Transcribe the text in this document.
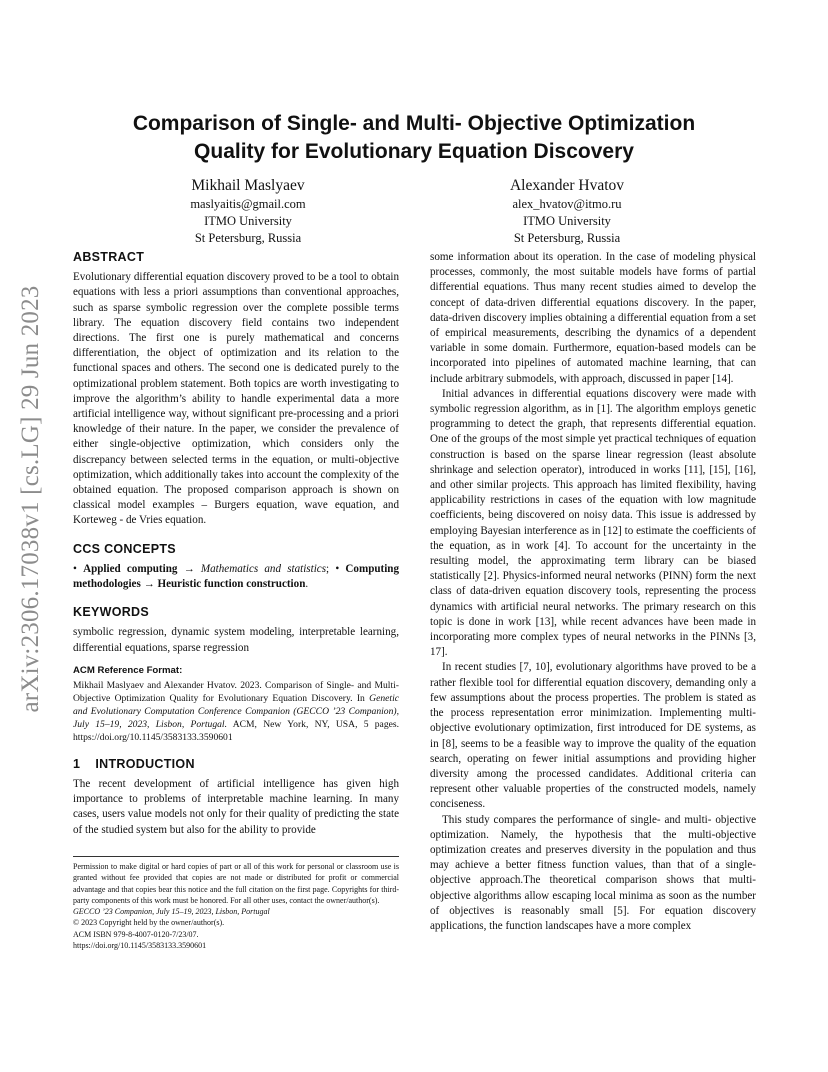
Comparison of Single- and Multi- Objective Optimization
Quality for Evolutionary Equation Discovery
Mikhail Maslyaev
maslyaitis@gmail.com
ITMO University
St Petersburg, Russia
Alexander Hvatov
alex_hvatov@itmo.ru
ITMO University
St Petersburg, Russia
arXiv:2306.17038v1 [cs.LG] 29 Jun 2023
ABSTRACT

Evolutionary differential equation discovery proved to be a tool to obtain equations with less a priori assumptions than conventional approaches, such as sparse symbolic regression over the complete possible terms library. The equation discovery field contains two independent directions. The first one is purely mathematical and concerns differentiation, the object of optimization and its relation to the functional spaces and others. The second one is dedicated purely to the optimizational problem statement. Both topics are worth investigating to improve the algorithm’s ability to handle experimental data a more artificial intelligence way, without significant pre-processing and a priori knowledge of their nature. In the paper, we consider the prevalence of either single-objective optimization, which considers only the discrepancy between selected terms in the equation, or multi-objective optimization, which additionally takes into account the complexity of the obtained equation. The proposed comparison approach is shown on classical model examples – Burgers equation, wave equation, and Korteweg - de Vries equation.

CCS CONCEPTS

• Applied computing → Mathematics and statistics; • Computing methodologies → Heuristic function construction.

KEYWORDS

symbolic regression, dynamic system modeling, interpretable learning, differential equations, sparse regression

ACM Reference Format:

Mikhail Maslyaev and Alexander Hvatov. 2023. Comparison of Single- and Multi- Objective Optimization Quality for Evolutionary Equation Discovery. In Genetic and Evolutionary Computation Conference Companion (GECCO ’23 Companion), July 15–19, 2023, Lisbon, Portugal. ACM, New York, NY, USA, 5 pages. https://doi.org/10.1145/3583133.3590601

1 INTRODUCTION

The recent development of artificial intelligence has given high importance to problems of interpretable machine learning. In many cases, users value models not only for their quality of predicting the state of the studied system but also for the ability to provide

some information about its operation. In the case of modeling physical processes, commonly, the most suitable models have forms of partial differential equations. Thus many recent studies aimed to develop the concept of data-driven differential equations discovery. In the paper, data-driven discovery implies obtaining a differential equation from a set of empirical measurements, describing the dynamics of a dependent variable in some domain. Furthermore, equation-based models can be incorporated into pipelines of automated machine learning, that can include arbitrary submodels, with approach, discussed in paper [14].

Initial advances in differential equations discovery were made with symbolic regression algorithm, as in [1]. The algorithm employs genetic programming to detect the graph, that represents differential equation. One of the groups of the most simple yet practical techniques of equation construction is based on the sparse linear regression (least absolute shrinkage and selection operator), introduced in works [11], [15], [16], and other similar projects. This approach has limited flexibility, having applicability restrictions in cases of the equation with low magnitude coefficients, being discovered on noisy data. This issue is addressed by employing Bayesian interference as in [12] to estimate the coefficients of the equation, as in work [4]. To account for the uncertainty in the resulting model, the approximating term library can be biased statistically [2]. Physics-informed neural networks (PINN) form the next class of data-driven equation discovery tools, representing the process dynamics with artificial neural networks. The primary research on this topic is done in work [13], while recent advances have been made in incorporating more complex types of neural networks in the PINNs [3, 17].

In recent studies [7, 10], evolutionary algorithms have proved to be a rather flexible tool for differential equation discovery, demanding only a few assumptions about the process properties. The problem is stated as the process representation error minimization. Implementing multi-objective evolutionary optimization, first introduced for DE systems, as in [8], seems to be a feasible way to improve the quality of the equation search, operating on fewer initial assumptions and providing higher diversity among the processed candidates. Additional criteria can represent other valuable properties of the constructed models, namely conciseness.

This study compares the performance of single- and multi- objective optimization. Namely, the hypothesis that the multi-objective optimization creates and preserves diversity in the population and thus may achieve a better fitness function values, than that of a single-objective approach.The theoretical comparison shows that multi-objective algorithms allow escaping local minima as soon as the number of objectives is reasonably small [5]. For equation discovery applications, the function landscapes have a more complex

Permission to make digital or hard copies of part or all of this work for personal or classroom use is granted without fee provided that copies are not made or distributed for profit or commercial advantage and that copies bear this notice and the full citation on the first page. Copyrights for third-party components of this work must be honored. For all other uses, contact the owner/author(s).

GECCO ’23 Companion, July 15–19, 2023, Lisbon, Portugal

© 2023 Copyright held by the owner/author(s).

ACM ISBN 979-8-4007-0120-7/23/07.

https://doi.org/10.1145/3583133.3590601
